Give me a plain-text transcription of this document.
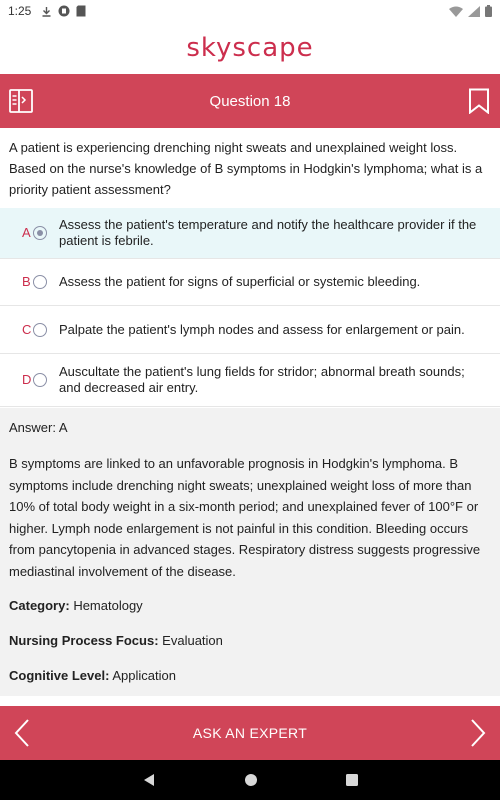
1:25
skyscape
Question 18
A patient is experiencing drenching night sweats and unexplained weight loss. Based on the nurse's knowledge of B symptoms in Hodgkin's lymphoma; what is a priority patient assessment?
A
Assess the patient's temperature and notify the healthcare provider if the patient is febrile.
B Assess the patient for signs of superficial or systemic bleeding.
C Palpate the patient's lymph nodes and assess for enlargement or pain.
D
Auscultate the patient's lung fields for stridor; abnormal breath sounds; and decreased air entry.
Answer: A
B symptoms are linked to an unfavorable prognosis in Hodgkin's lymphoma. B symptoms include drenching night sweats; unexplained weight loss of more than 10% of total body weight in a six-month period; and unexplained fever of 100°F or higher. Lymph node enlargement is not painful in this condition. Bleeding occurs from pancytopenia in advanced stages. Respiratory distress suggests progressive mediastinal involvement of the disease.
Category: Hematology
Nursing Process Focus: Evaluation
Cognitive Level: Application
ASK AN EXPERT
